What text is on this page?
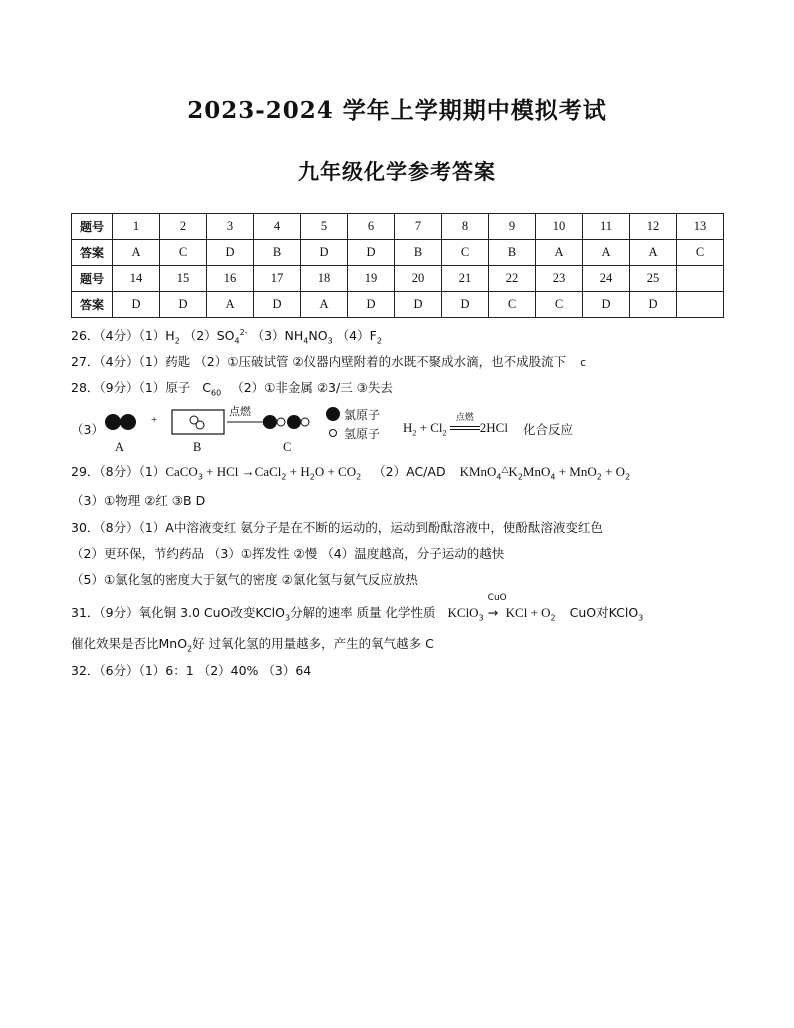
2023-2024 学年上学期期中模拟考试
九年级化学参考答案
题号	1	2	3	4	5	6	7	8	9	10	11	12	13
答案	A	C	D	B	D	D	B	C	B	A	A	A	C
题号	14	15	16	17	18	19	20	21	22	23	24	25	
答案	D	D	A	D	A	D	D	D	C	C	D	D	
26．（4分）$(1)H_2$ $(2)SO_4^{2-}$ $(3)NH_4NO_3$ $(4)F_2$
27．（4分）（1）药匙 （2）①压破试管 ②仪器内壁附着的水既不聚成水滴，也不成股流下 c
28．（9分）（1）原子 $C_{60}$ （2）①非金属 ②3/三 ③失去
（3）
A	B	C
+
点燃	氯原子
氢原子 $H_2 + Cl_2$
点燃
2HCl 化合反应
29．（8分）（1）CaCO$_3$ + HCl →CaCl$_2$ + $H_2O + CO_2$ （2）AC/AD $KMnO_4^\triangle K_2MnO_4 + MnO_2 + O_2$
（3）①物理 ②红 ③B D
30．（8分）（1）A中溶液变红 氨分子是在不断的运动的，运动到酚酞溶液中，使酚酞溶液变红色
（2）更环保，节约药品 （3）①挥发性 ②慢 （4）温度越高，分子运动的越快
（5）①氯化氢的密度大于氨气的密度 ②氯化氢与氨气反应放热
31．（9分）氧化铜 3.0 CuO改变KClO$_3$分解的速率 质量 化学性质 KClO$_3$
CuO
→ KCl + $O_2$ CuO对KClO$_3$
催化效果是否比MnO$_2$好 过氧化氢的用量越多，产生的氧气越多 C
32．（6分）（1）6：1 （2）40% （3）64
